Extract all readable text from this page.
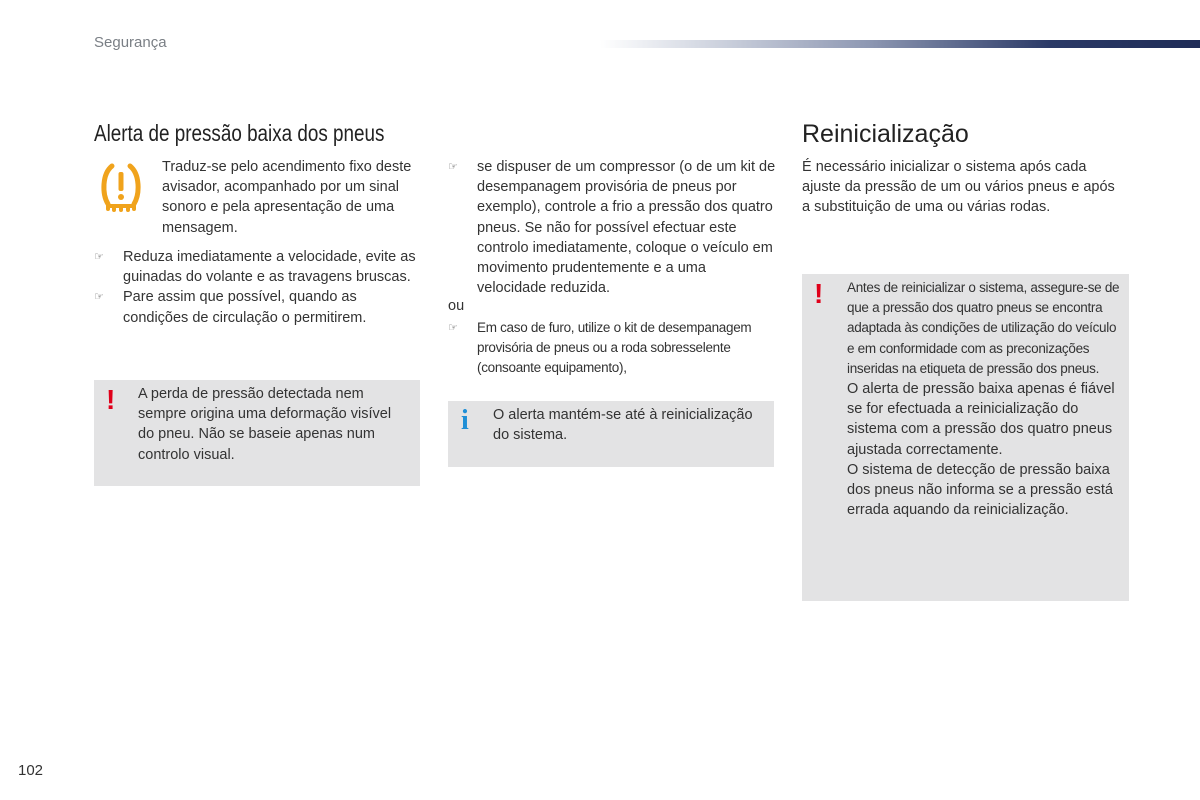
Segurança
Alerta de pressão baixa dos pneus
Traduz-se pelo acendimento fixo deste avisador, acompanhado por um sinal sonoro e pela apresentação de uma mensagem.
☞ Reduza imediatamente a velocidade, evite as guinadas do volante e as travagens bruscas.
☞ Pare assim que possível, quando as condições de circulação o permitirem.
! A perda de pressão detectada nem sempre origina uma deformação visível do pneu. Não se baseie apenas num controlo visual.
☞ se dispuser de um compressor (o de um kit de desempanagem provisória de pneus por exemplo), controle a frio a pressão dos quatro pneus. Se não for possível efectuar este controlo imediatamente, coloque o veículo em movimento prudentemente e a uma velocidade reduzida.
ou
☞ Em caso de furo, utilize o kit de desempanagem provisória de pneus ou a roda sobresselente (consoante equipamento),
i O alerta mantém-se até à reinicialização do sistema.
Reinicialização
É necessário inicializar o sistema após cada ajuste da pressão de um ou vários pneus e após a substituição de uma ou várias rodas.
! Antes de reinicializar o sistema, assegure-se de que a pressão dos quatro pneus se encontra adaptada às condições de utilização do veículo e em conformidade com as preconizações inseridas na etiqueta de pressão dos pneus.
O alerta de pressão baixa apenas é fiável se for efectuada a reinicialização do sistema com a pressão dos quatro pneus ajustada correctamente.
O sistema de detecção de pressão baixa dos pneus não informa se a pressão está errada aquando da reinicialização.
102
